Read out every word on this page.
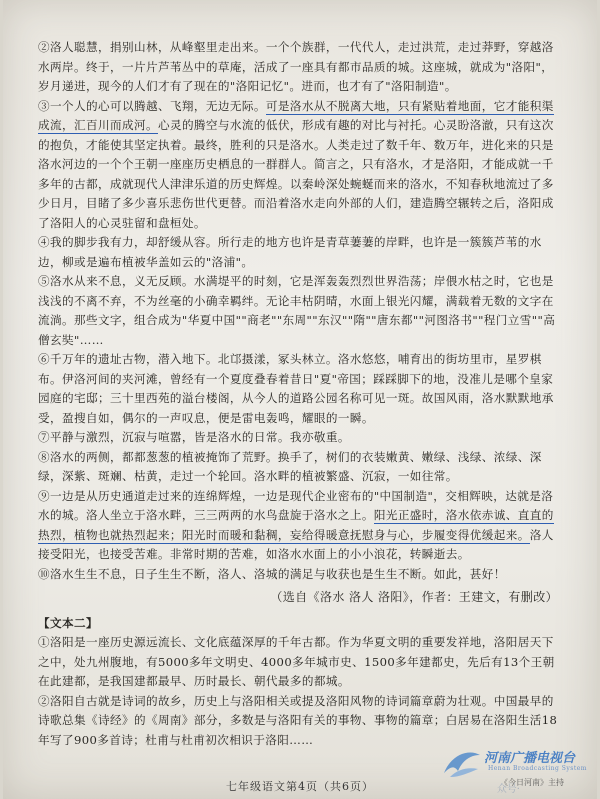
②洛人聪慧，捐别山林，从峰壑里走出来。一个个族群，一代代人，走过洪荒，走过莽野，穿越洛水两岸。终于，一片片芦苇丛中的草庵，活成了一座具有都市品质的城。这座城，就成为"洛阳"，岁月递进，现今的人们才有了现在的"洛阳记忆"。进而，也才有了"洛阳制造"。

③一个人的心可以腾越、飞翔，无边无际。可是洛水从不脱离大地，只有紧贴着地面，它才能积渠成流，汇百川而成河。心灵的腾空与水流的低伏，形成有趣的对比与衬托。心灵盼洛澈，只有这次的抱负，才能使其坚定执着。最终，胜利的只是洛水。人类走过了数千年、数万年，进化来的只是洛水河边的一个个王朝一座座历史栖息的一群群人。简言之，只有洛水，才是洛阳，才能成就一千多年的古都，成就现代人津津乐道的历史辉煌。以秦岭深处蜿蜒而来的洛水，不知春秋地流过了多少日月，目睹了多少喜乐悲伤世代更替。而沿着洛水走向外部的人们，建造腾空辗转之后，洛阳成了洛阳人的心灵驻留和盘桓处。

④我的脚步我有力，却舒缓从容。所行走的地方也许是青草萋萋的岸畔，也许是一簇簇芦苇的水边，柳或是遍布植被华盖如云的"洛浦"。

⑤洛水从来不息，义无反顾。水满堤平的时刻，它是浑轰轰烈烈世界浩荡；岸偎水枯之时，它也是浅浅的不离不弃，不为丝毫的小确幸羁绊。无论丰枯阴晴，水面上银光闪耀，满载着无数的文字在流淌。那些文字，组合成为"华夏中国""商老""东周""东汉""隋""唐东都""河图洛书""程门立雪""高僧玄奘"……

⑥千万年的遗址古物，潜入地下。北邙摄漾，冢头林立。洛水悠悠，哺育出的街坊里市，星罗棋布。伊洛河间的夹河滩，曾经有一个夏度叠春着昔日"夏"帝国；踩踩脚下的地，没准儿是哪个皇家园庭的宅邸；三十里西苑的溢台楼阁，从今人的道路公园名称可见一斑。故国风雨，洛水默默地承受，盈搜自如，偶尔的一声叹息，便是雷电轰鸣，耀眼的一瞬。

⑦平静与激烈，沉寂与喧嚣，皆是洛水的日常。我亦敬重。

⑧洛水的两侧，都都葱葱的植被掩饰了荒野。换手了，树们的衣装嫩黄、嫩绿、浅绿、浓绿、深绿，深紫、斑斓、枯黄，走过一个轮回。洛水畔的植被繁盛、沉寂，一如往常。

⑨一边是从历史通道走过来的连绵辉煌，一边是现代企业密布的"中国制造"，交相辉映，达就是洛水的城。洛人坐立于洛水畔，三三两两的水鸟盘旋于洛水之上。阳光正盛时，洛水依赤诚、直直的热烈，植物也就热烈起来；阳光时而暖和黏稠，妄给得暖意抚慰身与心，步履变得优缓起来。洛人接受阳光，也接受苦难。非常时期的苦难，如洛水水面上的小小浪花，转瞬逝去。

⑩洛水生生不息，日子生生不断，洛人、洛城的满足与收获也是生生不断。如此，甚好！

（选自《洛水 洛人 洛阳》，作者：王建文，有删改）

【文本二】

①洛阳是一座历史源远流长、文化底蕴深厚的千年古都。作为华夏文明的重要发祥地，洛阳居天下之中，处九州腹地，有5000多年文明史、4000多年城市史、1500多年建都史，先后有13个王朝在此建都，是我国建都最早、历时最长、朝代最多的都城。

②洛阳自古就是诗词的故乡，历史上与洛阳相关或提及洛阳风物的诗词篇章蔚为壮观。中国最早的诗歌总集《诗经》的《周南》部分，多数是与洛阳有关的事物、事物的篇章；白居易在洛阳生活18年写了900多首诗；杜甫与杜甫初次相识于洛阳……

七年级语文第4页（共6页）	众号·
河南广播电视台
Henan Broadcasting System
《今日河南》主持
